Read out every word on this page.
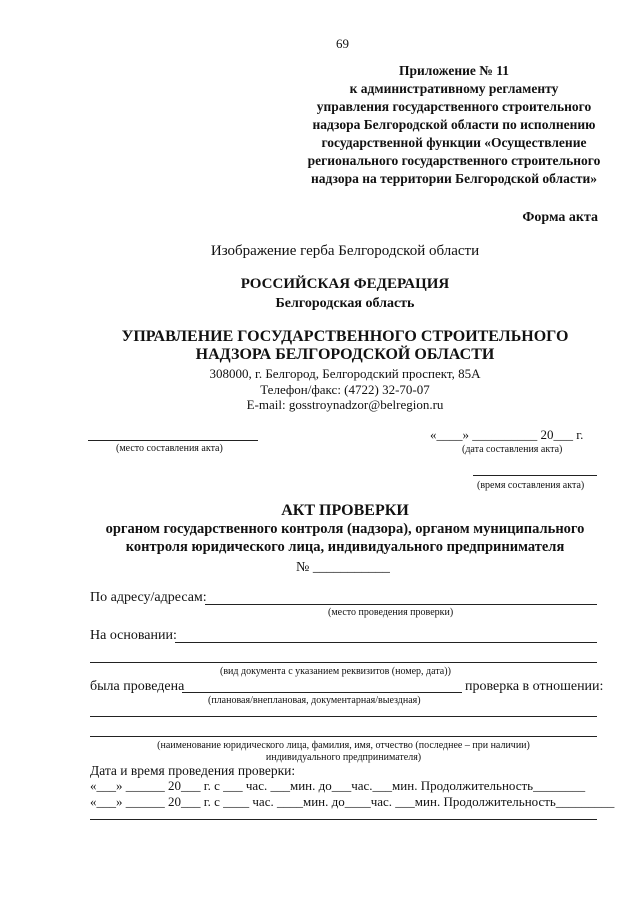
69
Приложение № 11
к административному регламенту
управления государственного строительного
надзора Белгородской области по исполнению
государственной функции «Осуществление
регионального государственного строительного
надзора на территории Белгородской области»
Форма акта
Изображение герба Белгородской области
РОССИЙСКАЯ ФЕДЕРАЦИЯ
Белгородская область
УПРАВЛЕНИЕ ГОСУДАРСТВЕННОГО СТРОИТЕЛЬНОГО
НАДЗОРА БЕЛГОРОДСКОЙ ОБЛАСТИ
308000, г. Белгород, Белгородский проспект, 85А
Телефон/факс: (4722) 32-70-07
E-mail: gosstroynadzor@belregion.ru
(место составления акта)
«____» __________ 20___ г.
(дата составления акта)
(время составления акта)
АКТ ПРОВЕРКИ
органом государственного контроля (надзора), органом муниципального
контроля юридического лица, индивидуального предпринимателя
№ ___________
По адресу/адресам:
(место проведения проверки)
На основании:
(вид документа с указанием реквизитов (номер, дата))
была проведена	проверка в отношении:
(плановая/внеплановая, документарная/выездная)
(наименование юридического лица, фамилия, имя, отчество (последнее – при наличии)
индивидуального предпринимателя)
Дата и время проведения проверки:
«___» ______ 20___ г. с ___ час. ___мин. до___час.___мин. Продолжительность________
«___» ______ 20___ г. с ____ час. ____мин. до____час. ___мин. Продолжительность_________
